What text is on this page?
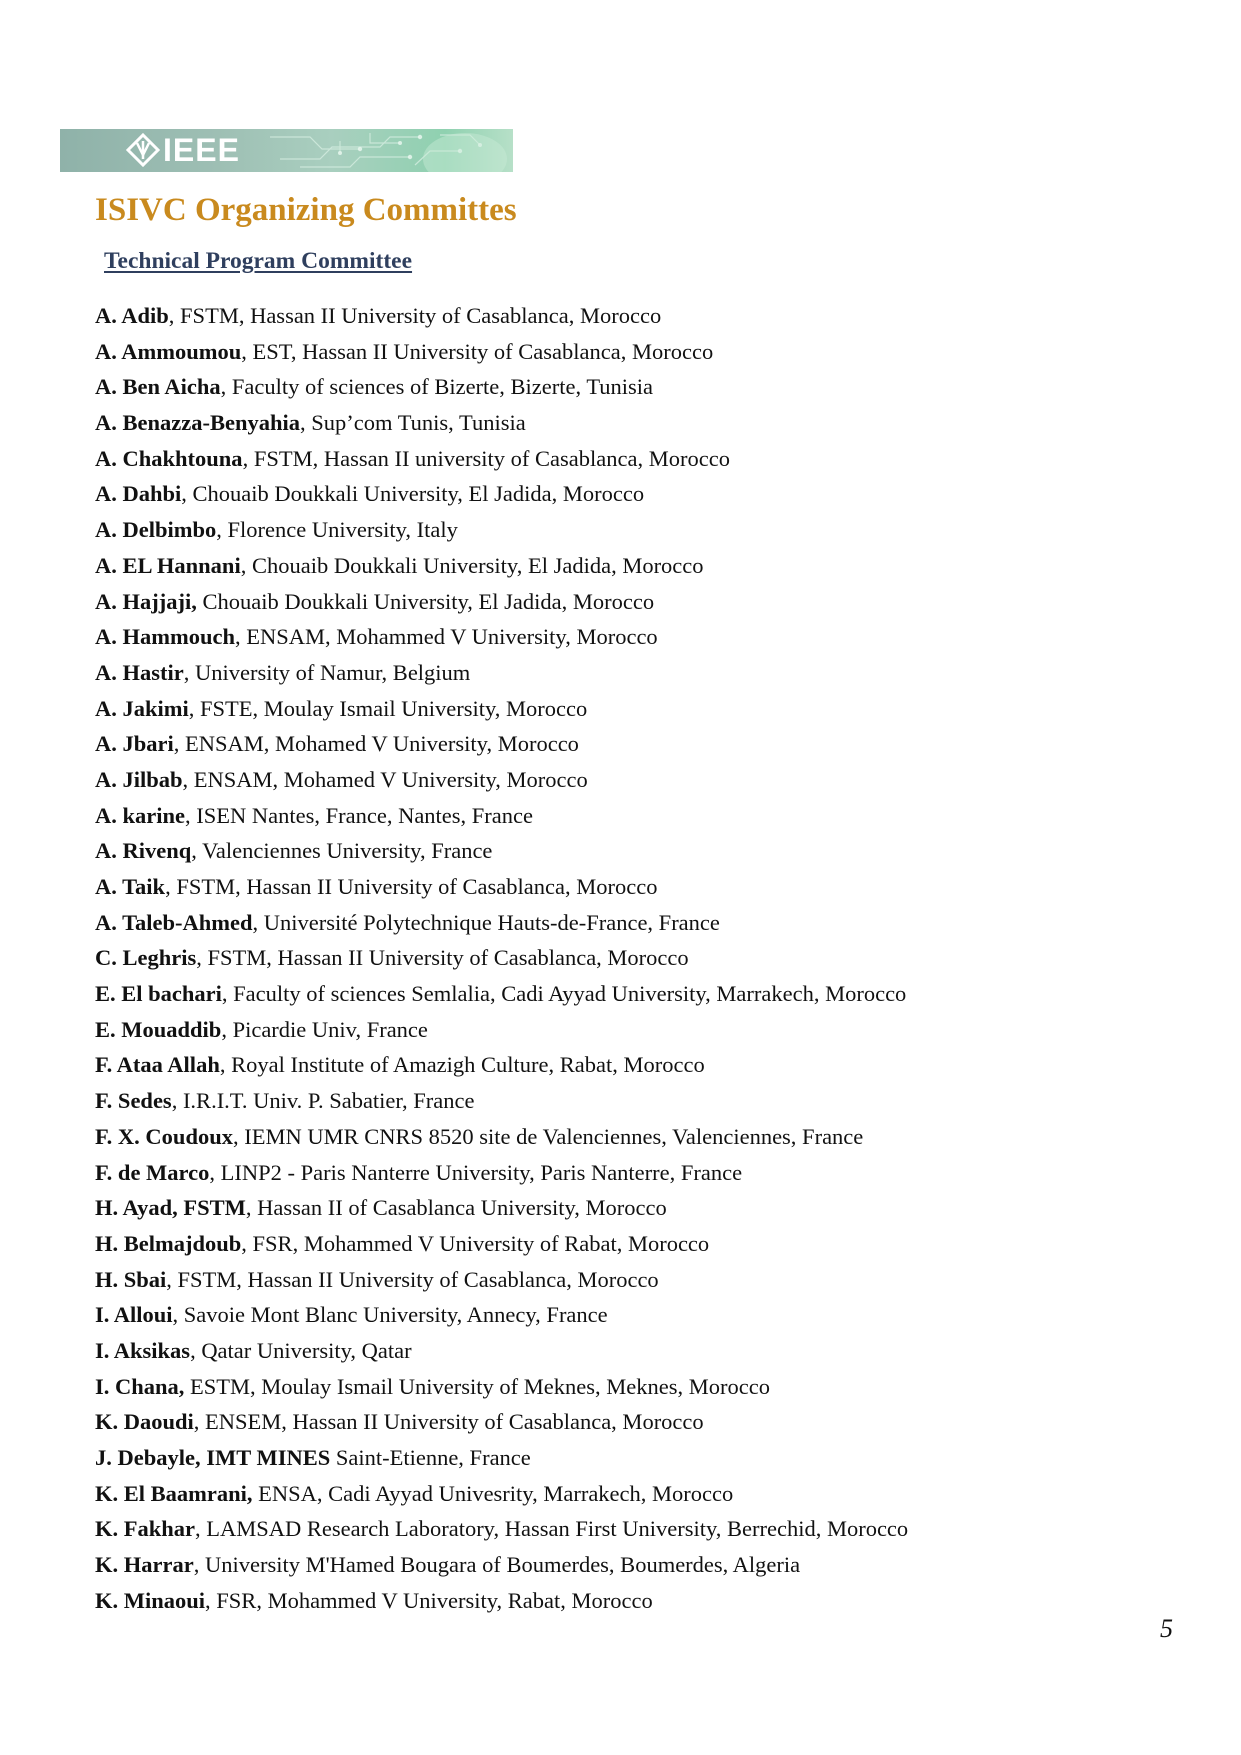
IEEE
ISIVC Organizing Committes
Technical Program Committee
A. Adib, FSTM, Hassan II University of Casablanca, Morocco
A. Ammoumou, EST, Hassan II University of Casablanca, Morocco
A. Ben Aicha, Faculty of sciences of Bizerte, Bizerte, Tunisia
A. Benazza-Benyahia, Sup’com Tunis, Tunisia
A. Chakhtouna, FSTM, Hassan II university of Casablanca, Morocco
A. Dahbi, Chouaib Doukkali University, El Jadida, Morocco
A. Delbimbo, Florence University, Italy
A. EL Hannani, Chouaib Doukkali University, El Jadida, Morocco
A. Hajjaji, Chouaib Doukkali University, El Jadida, Morocco
A. Hammouch, ENSAM, Mohammed V University, Morocco
A. Hastir, University of Namur, Belgium
A. Jakimi, FSTE, Moulay Ismail University, Morocco
A. Jbari, ENSAM, Mohamed V University, Morocco
A. Jilbab, ENSAM, Mohamed V University, Morocco
A. karine, ISEN Nantes, France, Nantes, France
A. Rivenq, Valenciennes University, France
A. Taik, FSTM, Hassan II University of Casablanca, Morocco
A. Taleb-Ahmed, Université Polytechnique Hauts-de-France, France
C. Leghris, FSTM, Hassan II University of Casablanca, Morocco
E. El bachari, Faculty of sciences Semlalia, Cadi Ayyad University, Marrakech, Morocco
E. Mouaddib, Picardie Univ, France
F. Ataa Allah, Royal Institute of Amazigh Culture, Rabat, Morocco
F. Sedes, I.R.I.T. Univ. P. Sabatier, France
F. X. Coudoux, IEMN UMR CNRS 8520 site de Valenciennes, Valenciennes, France
F. de Marco, LINP2 - Paris Nanterre University, Paris Nanterre, France
H. Ayad, FSTM, Hassan II of Casablanca University, Morocco
H. Belmajdoub, FSR, Mohammed V University of Rabat, Morocco
H. Sbai, FSTM, Hassan II University of Casablanca, Morocco
I. Alloui, Savoie Mont Blanc University, Annecy, France
I. Aksikas, Qatar University, Qatar
I. Chana, ESTM, Moulay Ismail University of Meknes, Meknes, Morocco
K. Daoudi, ENSEM, Hassan II University of Casablanca, Morocco
J. Debayle, IMT MINES Saint-Etienne, France
K. El Baamrani, ENSA, Cadi Ayyad Univesrity, Marrakech, Morocco
K. Fakhar, LAMSAD Research Laboratory, Hassan First University, Berrechid, Morocco
K. Harrar, University M'Hamed Bougara of Boumerdes, Boumerdes, Algeria
K. Minaoui, FSR, Mohammed V University, Rabat, Morocco
5
